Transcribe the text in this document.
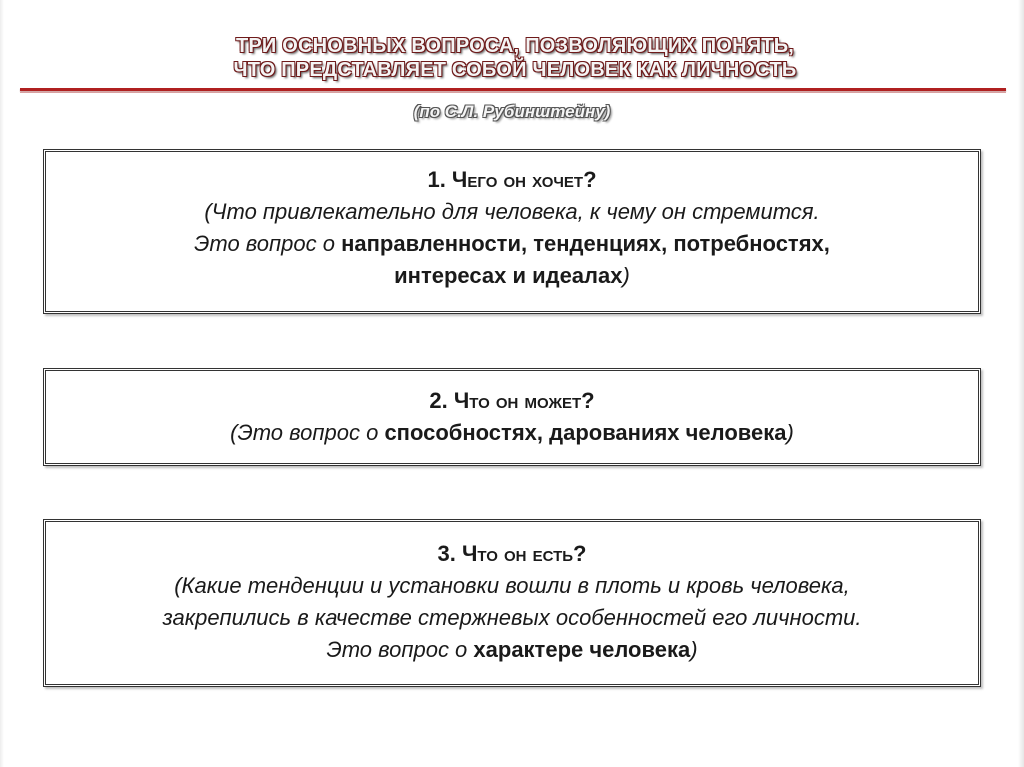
ТРИ ОСНОВНЫХ ВОПРОСА, ПОЗВОЛЯЮЩИХ ПОНЯТЬ,
ЧТО ПРЕДСТАВЛЯЕТ СОБОЙ ЧЕЛОВЕК КАК ЛИЧНОСТЬ
(по С.Л. Рубинштейну)
1. Чего он хочет?
(Что привлекательно для человека, к чему он стремится.
Это вопрос о направленности, тенденциях, потребностях,
интересах и идеалах)
2. Что он может?
(Это вопрос о способностях, дарованиях человека)
3. Что он есть?
(Какие тенденции и установки вошли в плоть и кровь человека,
закрепились в качестве стержневых особенностей его личности.
Это вопрос о характере человека)
